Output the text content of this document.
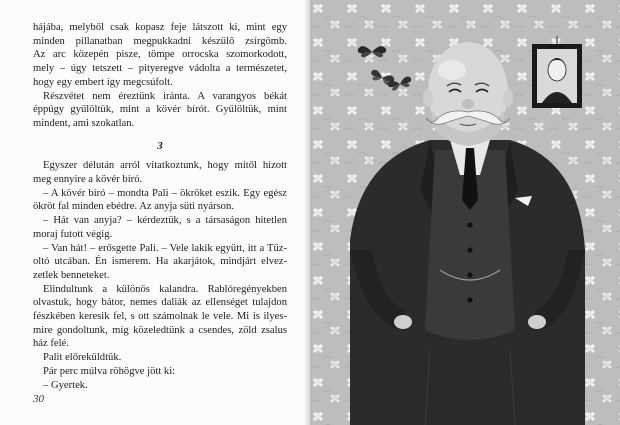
hájába, melyből csak kopasz feje látszott ki, mint egy
minden pillanatban megpukkadni készülő zsírgömb.
Az arc közepén pisze, tömpe orrocska szomorkodott,
mely – úgy tetszett – pityeregve vádolta a természetet,
hogy egy embert így megcsúfolt.
Részvétet nem éreztünk iránta. A varangyos békát
éppúgy gyűlöltük, mint a kövér bírót. Gyűlöltük, mint
mindent, ami szokatlan.
3
Egyszer délután arról vitatkoztunk, hogy mitől hízott
meg ennyire a kövér bíró.
– A kövér bíró – mondta Pali – ökröket eszik. Egy egész
ökröt fal minden ebédre. Az anyja süti nyárson.
– Hát van anyja? – kérdeztük, s a társaságon hitetlen
moraj futott végig.
– Van hát! – erősgette Pali. – Vele lakik együtt, itt a Tűz-
oltó utcában. Én ismerem. Ha akarjátok, mindjárt elvez-
zetlek benneteket.
Elindultunk a különös kalandra. Rablóregényekben
olvastuk, hogy bátor, nemes daliák az ellenséget tulajdon
fészkében keresik fel, s ott számolnak le vele. Mi is ilyes-
mire gondoltunk, míg közeledtünk a csendes, zöld zsalus
ház felé.
Palit előreküldtük.
Pár perc múlva röhögve jött ki:
– Gyertek.
30
